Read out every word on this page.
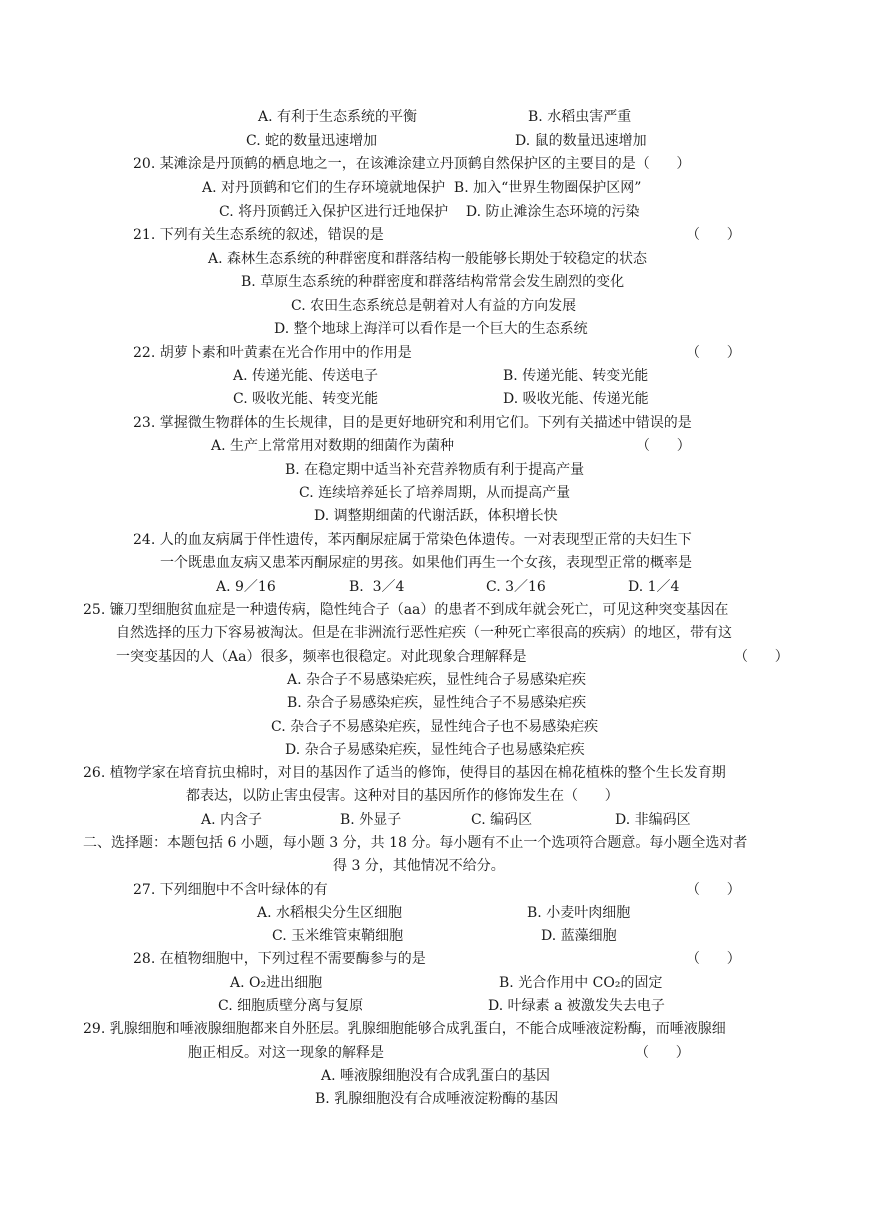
A. 有利于生态系统的平衡	B. 水稻虫害严重
C. 蛇的数量迅速增加	D. 鼠的数量迅速增加
20. 某滩涂是丹顶鹤的栖息地之一，在该滩涂建立丹顶鹤自然保护区的主要目的是（      ）
A. 对丹顶鹤和它们的生存环境就地保护  B. 加入“世界生物圈保护区网”
C. 将丹顶鹤迁入保护区进行迁地保护    D. 防止滩涂生态环境的污染
21. 下列有关生态系统的叙述，错误的是	（      ）
A. 森林生态系统的种群密度和群落结构一般能够长期处于较稳定的状态
B. 草原生态系统的种群密度和群落结构常常会发生剧烈的变化
C. 农田生态系统总是朝着对人有益的方向发展
D. 整个地球上海洋可以看作是一个巨大的生态系统
22. 胡萝卜素和叶黄素在光合作用中的作用是	（      ）
A. 传递光能、传送电子	B. 传递光能、转变光能
C. 吸收光能、转变光能	D. 吸收光能、传递光能
23. 掌握微生物群体的生长规律，目的是更好地研究和利用它们。下列有关描述中错误的是
A. 生产上常常用对数期的细菌作为菌种	（      ）
B. 在稳定期中适当补充营养物质有利于提高产量
C. 连续培养延长了培养周期，从而提高产量
D. 调整期细菌的代谢活跃，体积增长快
24. 人的血友病属于伴性遗传，苯丙酮尿症属于常染色体遗传。一对表现型正常的夫妇生下
一个既患血友病又患苯丙酮尿症的男孩。如果他们再生一个女孩，表现型正常的概率是
A. 9／16	B.  3／4	C. 3／16	D. 1／4
25. 镰刀型细胞贫血症是一种遗传病，隐性纯合子（aa）的患者不到成年就会死亡，可见这种突变基因在
自然选择的压力下容易被淘汰。但是在非洲流行恶性疟疾（一种死亡率很高的疾病）的地区，带有这
一突变基因的人（Aa）很多，频率也很稳定。对此现象合理解释是	（      ）
A. 杂合子不易感染疟疾，显性纯合子易感染疟疾
B. 杂合子易感染疟疾，显性纯合子不易感染疟疾
C. 杂合子不易感染疟疾，显性纯合子也不易感染疟疾
D. 杂合子易感染疟疾，显性纯合子也易感染疟疾
26. 植物学家在培育抗虫棉时，对目的基因作了适当的修饰，使得目的基因在棉花植株的整个生长发育期
都表达，以防止害虫侵害。这种对目的基因所作的修饰发生在（      ）
A. 内含子	B. 外显子	C. 编码区	D. 非编码区
二、选择题：本题包括 6 小题，每小题 3 分，共 18 分。每小题有不止一个选项符合题意。每小题全选对者
得 3 分，其他情况不给分。
27. 下列细胞中不含叶绿体的有	（      ）
A. 水稻根尖分生区细胞	B. 小麦叶肉细胞
C. 玉米维管束鞘细胞	D. 蓝藻细胞
28. 在植物细胞中，下列过程不需要酶参与的是	（      ）
A. O₂进出细胞	B. 光合作用中 CO₂的固定
C. 细胞质壁分离与复原	D. 叶绿素 a 被激发失去电子
29. 乳腺细胞和唾液腺细胞都来自外胚层。乳腺细胞能够合成乳蛋白，不能合成唾液淀粉酶，而唾液腺细
胞正相反。对这一现象的解释是	（      ）
A. 唾液腺细胞没有合成乳蛋白的基因
B. 乳腺细胞没有合成唾液淀粉酶的基因
